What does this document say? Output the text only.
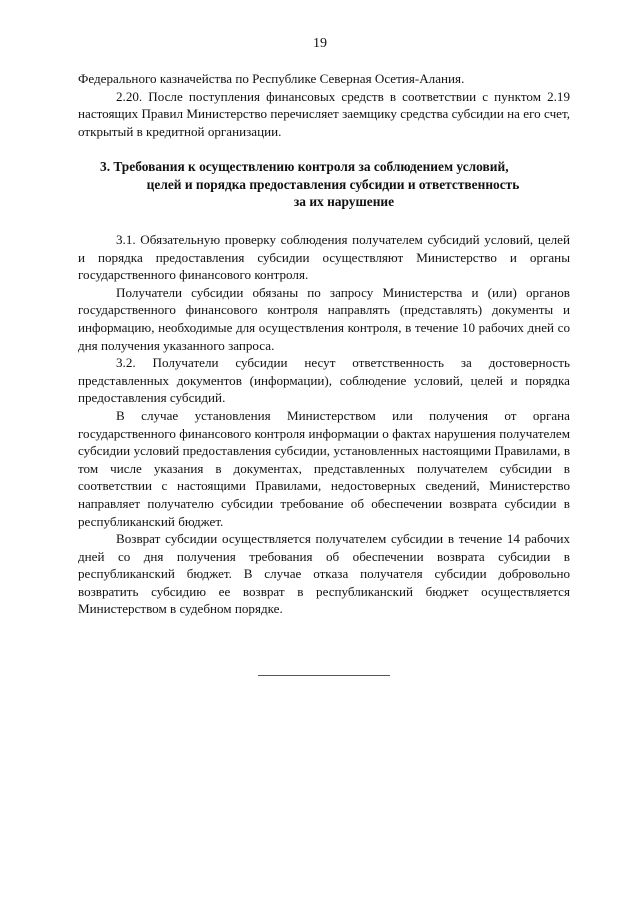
19

Федерального казначейства по Республике Северная Осетия-Алания.

2.20. После поступления финансовых средств в соответствии с пунктом 2.19 настоящих Правил Министерство перечисляет заемщику средства субсидии на его счет, открытый в кредитной организации.

3. Требования к осуществлению контроля за соблюдением условий,
целей и порядка предоставления субсидии и ответственность
за их нарушение

3.1. Обязательную проверку соблюдения получателем субсидий условий, целей и порядка предоставления субсидии осуществляют Министерство и органы государственного финансового контроля.

Получатели субсидии обязаны по запросу Министерства и (или) органов государственного финансового контроля направлять (представлять) документы и информацию, необходимые для осуществления контроля, в течение 10 рабочих дней со дня получения указанного запроса.

3.2. Получатели субсидии несут ответственность за достоверность представленных документов (информации), соблюдение условий, целей и порядка предоставления субсидий.

В случае установления Министерством или получения от органа государственного финансового контроля информации о фактах нарушения получателем субсидии условий предоставления субсидии, установленных настоящими Правилами, в том числе указания в документах, представленных получателем субсидии в соответствии с настоящими Правилами, недостоверных сведений, Министерство направляет получателю субсидии требование об обеспечении возврата субсидии в республиканский бюджет.

Возврат субсидии осуществляется получателем субсидии в течение 14 рабочих дней со дня получения требования об обеспечении возврата субсидии в республиканский бюджет. В случае отказа получателя субсидии добровольно возвратить субсидию ее возврат в республиканский бюджет осуществляется Министерством в судебном порядке.
